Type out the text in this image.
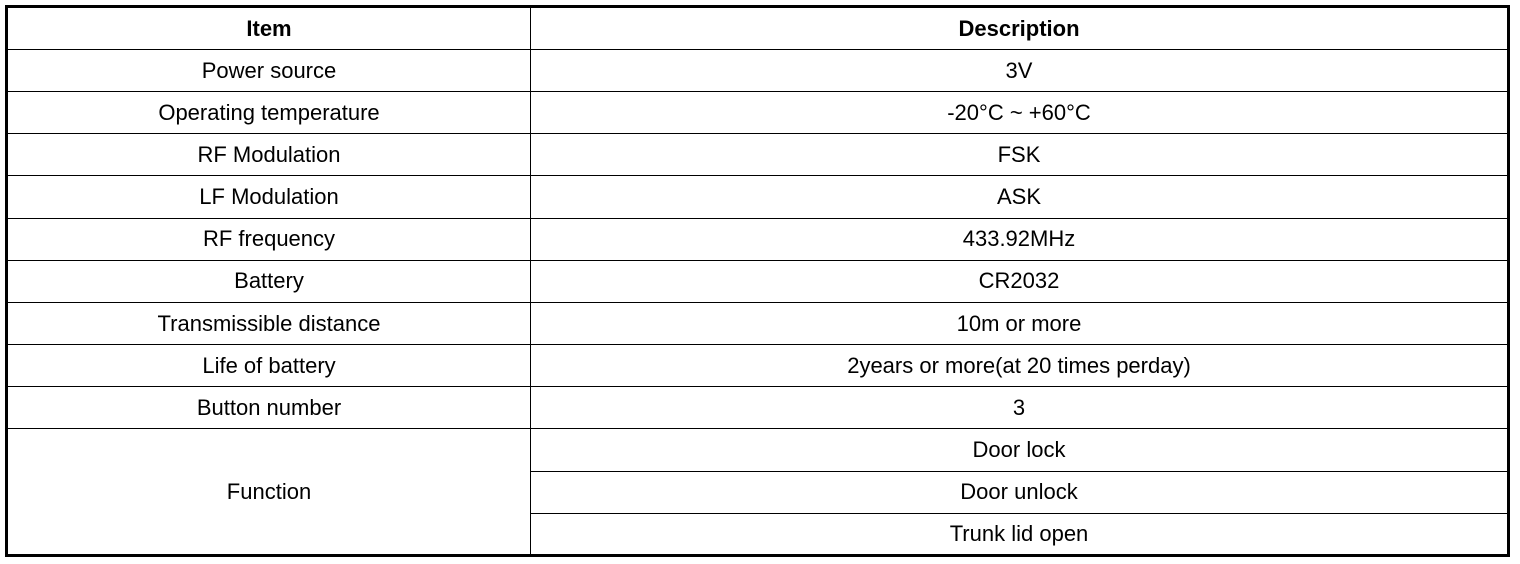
Item	Description
Power source	3V
Operating temperature	-20°C ~ +60°C
RF Modulation	FSK
LF Modulation	ASK
RF frequency	433.92MHz
Battery	CR2032
Transmissible distance	10m or more
Life of battery	2years or more(at 20 times perday)
Button number	3
Function	Door lock
	Door unlock
	Trunk lid open
